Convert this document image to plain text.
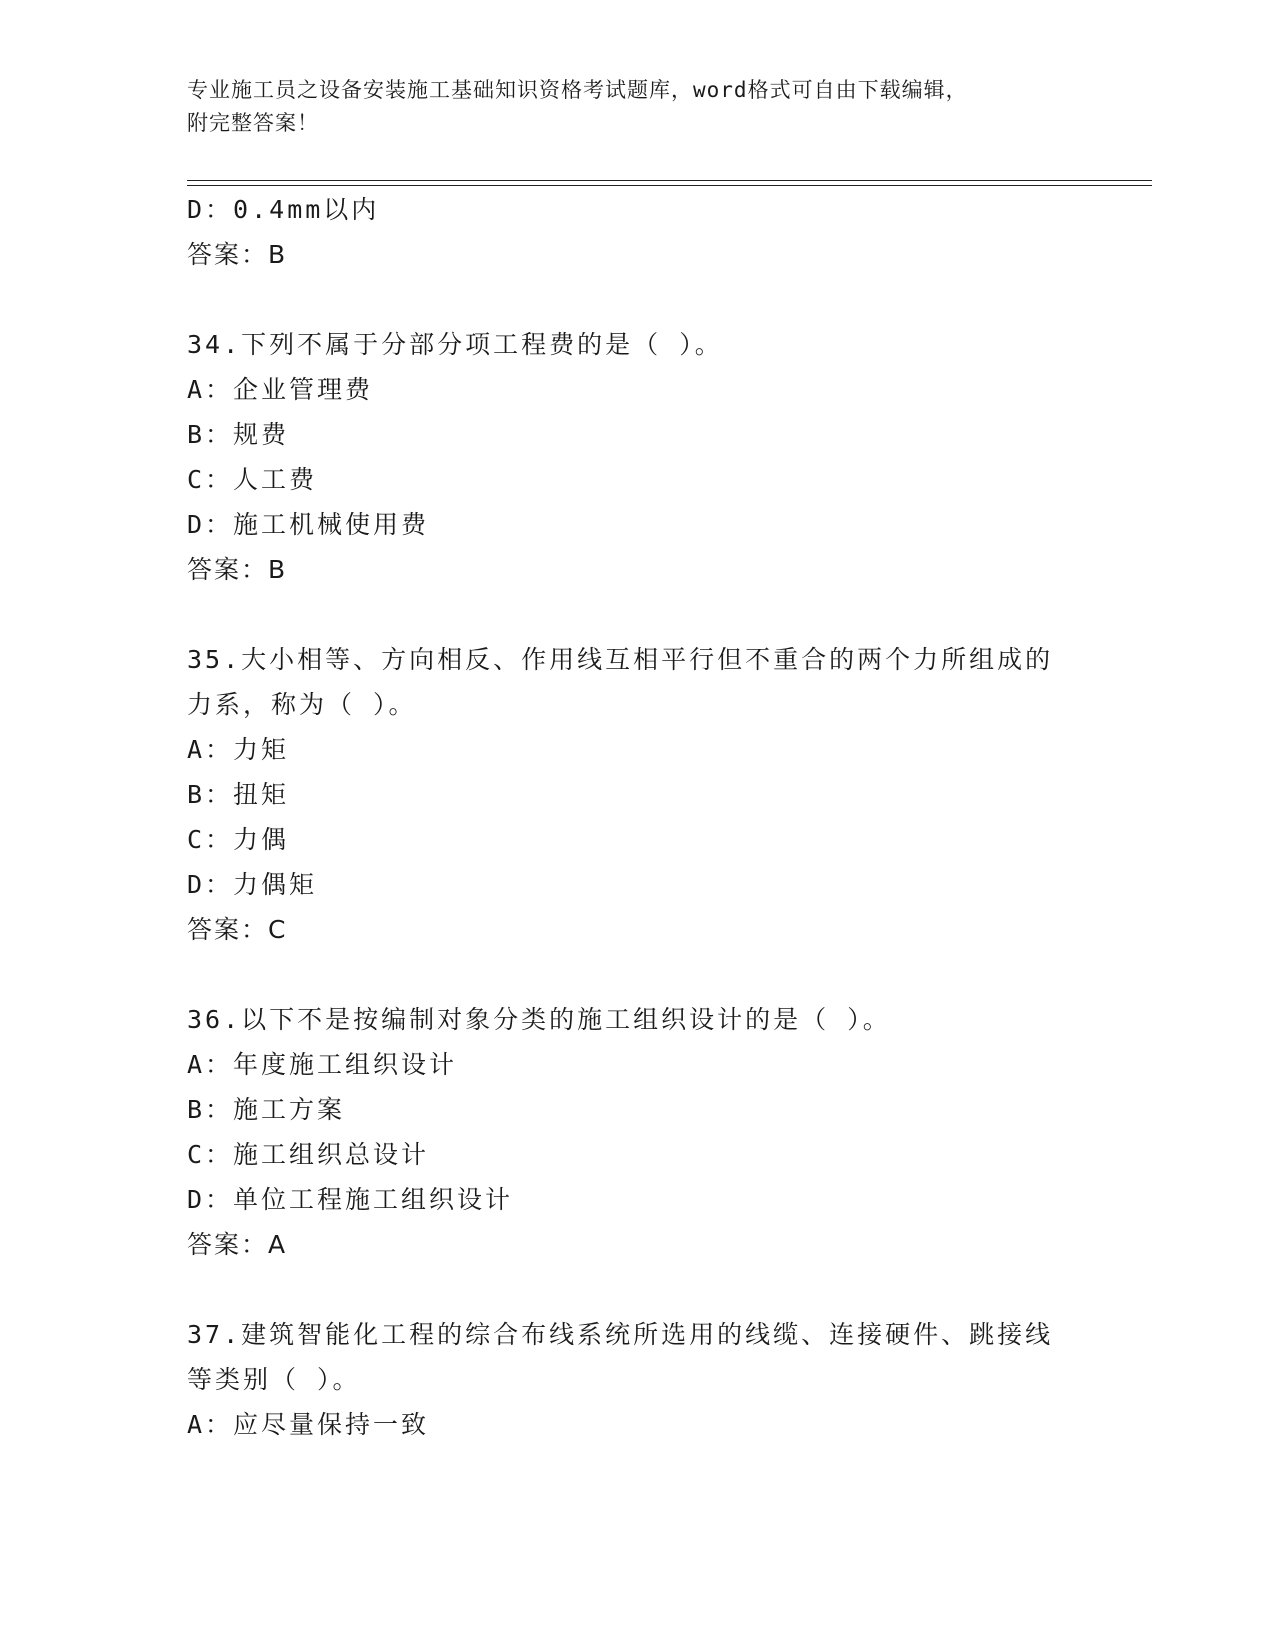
专业施工员之设备安装施工基础知识资格考试题库，word格式可自由下载编辑，
附完整答案！
D：0.4mm以内
答案：B
34.下列不属于分部分项工程费的是（ ）。
A：企业管理费
B：规费
C：人工费
D：施工机械使用费
答案：B
35.大小相等、方向相反、作用线互相平行但不重合的两个力所组成的
力系，称为（ ）。
A：力矩
B：扭矩
C：力偶
D：力偶矩
答案：C
36.以下不是按编制对象分类的施工组织设计的是（ ）。
A：年度施工组织设计
B：施工方案
C：施工组织总设计
D：单位工程施工组织设计
答案：A
37.建筑智能化工程的综合布线系统所选用的线缆、连接硬件、跳接线
等类别（ ）。
A：应尽量保持一致
